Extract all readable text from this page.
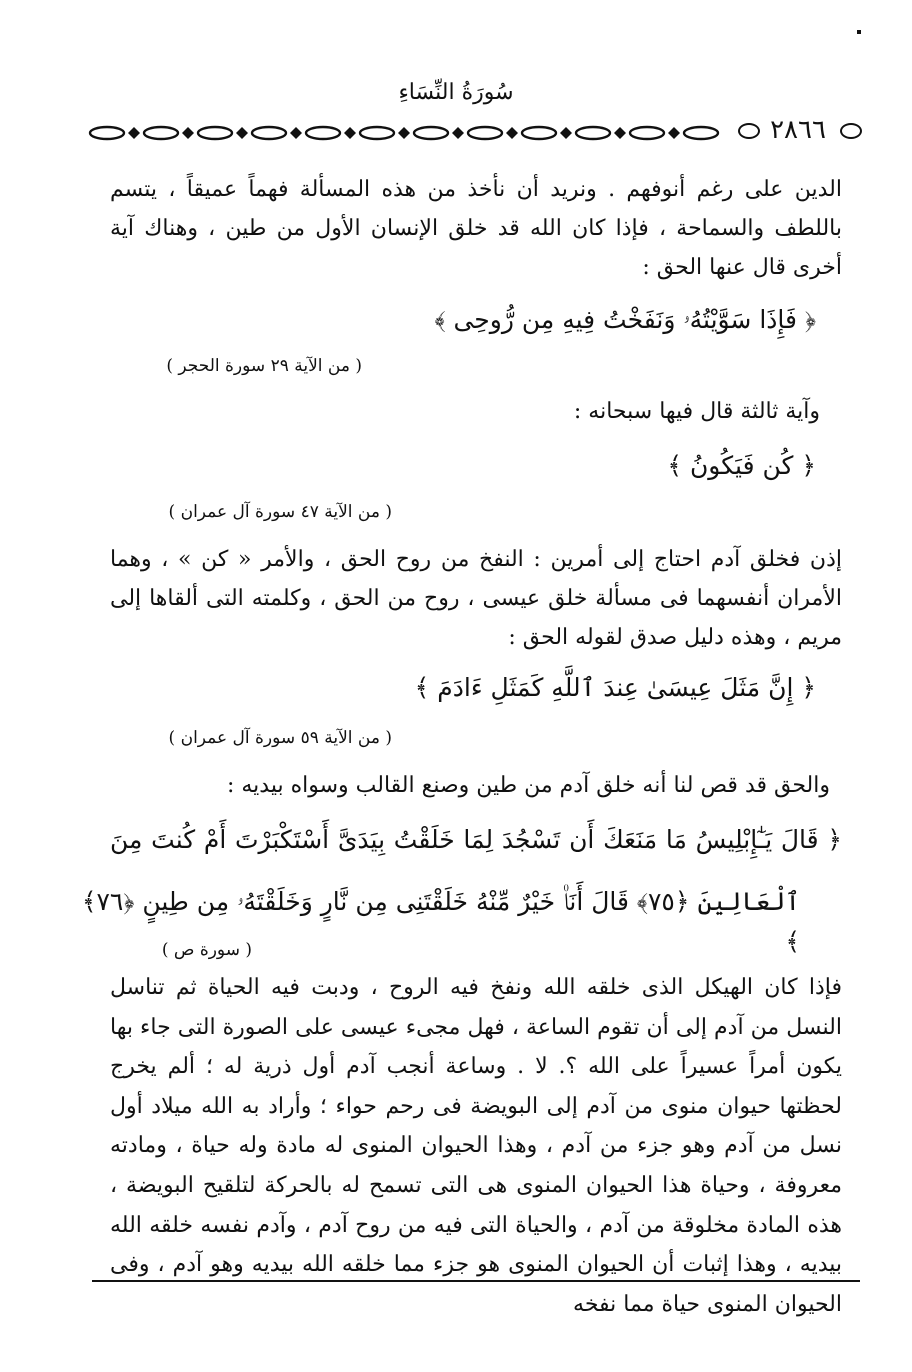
سُورَةُ النِّسَاءِ
٢٨٦٦
الدين على رغم أنوفهم . ونريد أن نأخذ من هذه المسألة فهماً عميقاً ، يتسم باللطف والسماحة ، فإذا كان الله قد خلق الإنسان الأول من طين ، وهناك آية أخرى قال عنها الحق :
﴿ فَإِذَا سَوَّيْتُهُۥ وَنَفَخْتُ فِيهِ مِن رُّوحِى ﴾
( من الآية ٢٩ سورة الحجر )
وآية ثالثة قال فيها سبحانه :
﴿ كُن فَيَكُونُ ﴾
( من الآية ٤٧ سورة آل عمران )
إذن فخلق آدم احتاج إلى أمرين : النفخ من روح الحق ، والأمر « كن » ، وهما الأمران أنفسهما فى مسألة خلق عيسى ، روح من الحق ، وكلمته التى ألقاها إلى مريم ، وهذه دليل صدق لقوله الحق :
﴿ إِنَّ مَثَلَ عِيسَىٰ عِندَ ٱللَّهِ كَمَثَلِ ءَادَمَ ﴾
( من الآية ٥٩ سورة آل عمران )
والحق قد قص لنا أنه خلق آدم من طين وصنع القالب وسواه بيديه :
﴿ قَالَ يَـٰٓإِبْلِيسُ مَا مَنَعَكَ أَن تَسْجُدَ لِمَا خَلَقْتُ بِيَدَىَّ أَسْتَكْبَرْتَ أَمْ كُنتَ مِنَ
ٱلْعَالِينَ ﴿٧٥﴾ قَالَ أَنَا۠ خَيْرٌ مِّنْهُ خَلَقْتَنِى مِن نَّارٍ وَخَلَقْتَهُۥ مِن طِينٍ ﴿٧٦﴾ ﴾
( سورة ص )
فإذا كان الهيكل الذى خلقه الله ونفخ فيه الروح ، ودبت فيه الحياة ثم تناسل النسل من آدم إلى أن تقوم الساعة ، فهل مجىء عيسى على الصورة التى جاء بها يكون أمراً عسيراً على الله ؟. لا . وساعة أنجب آدم أول ذرية له ؛ ألم يخرج لحظتها حيوان منوى من آدم إلى البويضة فى رحم حواء ؛ وأراد به الله ميلاد أول نسل من آدم وهو جزء من آدم ، وهذا الحيوان المنوى له مادة وله حياة ، ومادته معروفة ، وحياة هذا الحيوان المنوى هى التى تسمح له بالحركة لتلقيح البويضة ، هذه المادة مخلوقة من آدم ، والحياة التى فيه من روح آدم ، وآدم نفسه خلقه الله بيديه ، وهذا إثبات أن الحيوان المنوى هو جزء مما خلقه الله بيديه وهو آدم ، وفى الحيوان المنوى حياة مما نفخه
